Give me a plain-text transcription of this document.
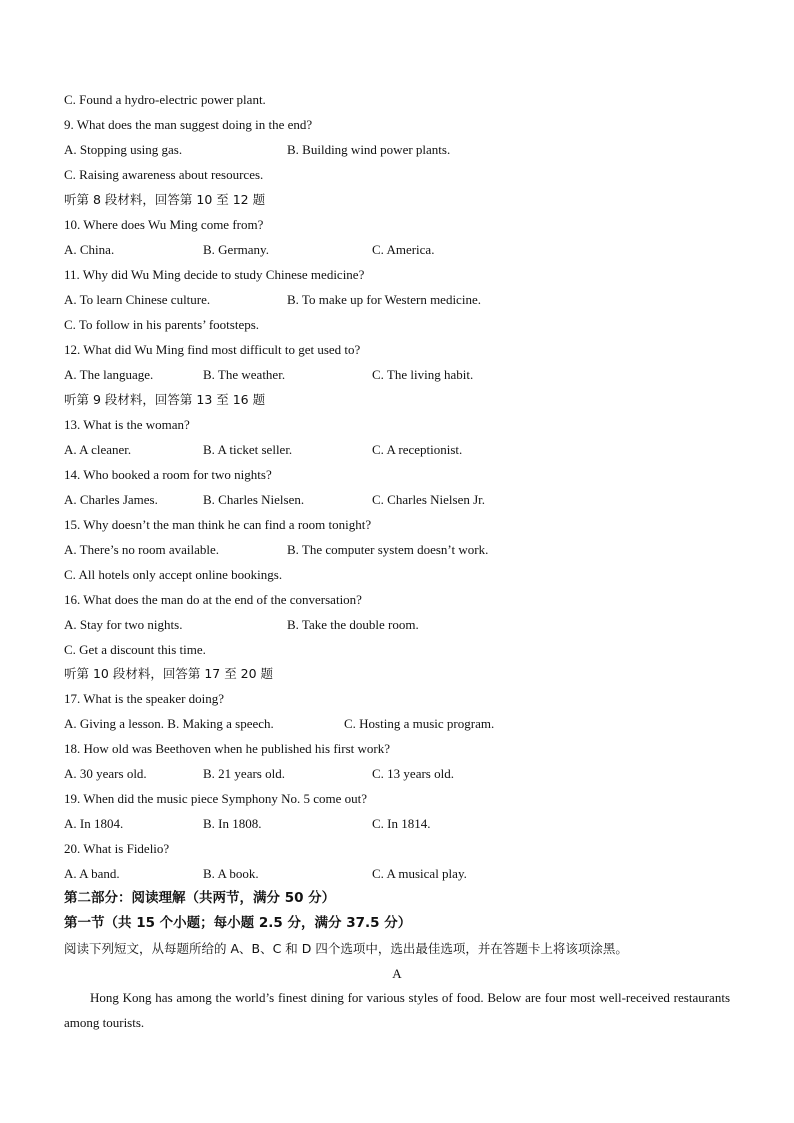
C. Found a hydro-electric power plant.
9. What does the man suggest doing in the end?
A. Stopping using gas.	B. Building wind power plants.
C. Raising awareness about resources.
听第 8 段材料，回答第 10 至 12 题
10. Where does Wu Ming come from?
A. China.	B. Germany.	C. America.
11. Why did Wu Ming decide to study Chinese medicine?
A. To learn Chinese culture.	B. To make up for Western medicine.
C. To follow in his parents’ footsteps.
12. What did Wu Ming find most difficult to get used to?
A. The language.	B. The weather.	C. The living habit.
听第 9 段材料，回答第 13 至 16 题
13. What is the woman?
A. A cleaner.	B. A ticket seller.	C. A receptionist.
14. Who booked a room for two nights?
A. Charles James.	B. Charles Nielsen.	C. Charles Nielsen Jr.
15. Why doesn’t the man think he can find a room tonight?
A. There’s no room available.	B. The computer system doesn’t work.
C. All hotels only accept online bookings.
16. What does the man do at the end of the conversation?
A. Stay for two nights.	B. Take the double room.
C. Get a discount this time.
听第 10 段材料，回答第 17 至 20 题
17. What is the speaker doing?
A. Giving a lesson. B. Making a speech.	C. Hosting a music program.
18. How old was Beethoven when he published his first work?
A. 30 years old.	B. 21 years old.	C. 13 years old.
19. When did the music piece Symphony No. 5 come out?
A. In 1804.	B. In 1808.	C. In 1814.
20. What is Fidelio?
A. A band.	B. A book.	C. A musical play.
第二部分：阅读理解（共两节，满分 50 分）
第一节（共 15 个小题；每小题 2.5 分，满分 37.5 分）
阅读下列短文，从每题所给的 A、B、C 和 D 四个选项中，选出最佳选项，并在答题卡上将该项涂黑。
A
Hong Kong has among the world’s finest dining for various styles of food. Below are four most well-received restaurants among tourists.
